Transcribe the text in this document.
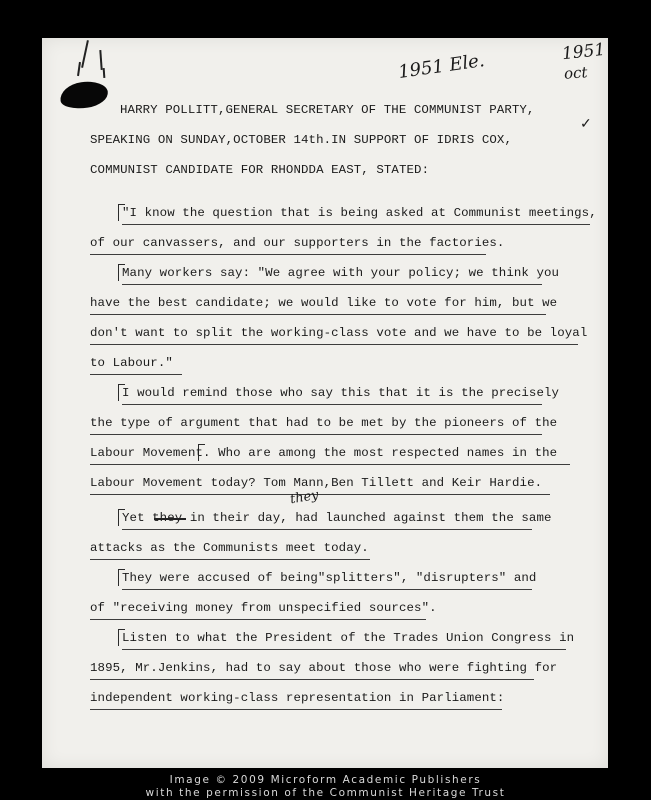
1951 Ele.	1951
oct
✓
HARRY POLLITT,GENERAL SECRETARY OF THE COMMUNIST PARTY,
SPEAKING ON SUNDAY,OCTOBER 14th.IN SUPPORT OF IDRIS COX,
COMMUNIST CANDIDATE FOR RHONDDA EAST, STATED:
"I know the question that is being asked at Communist meetings,
of our canvassers, and our supporters in the factories.
Many workers say: "We agree with your policy; we think you
have the best candidate; we would like to vote for him, but we
don't want to split the working-class vote and we have to be loyal
to Labour."
I would remind those who say this that it is the precisely
the type of argument that had to be met by the pioneers of the
Labour Movement. Who are among the most respected names in the
Labour Movement today? Tom Mann,Ben Tillett and Keir Hardie.
Yet they in their day, had launched against them the same
they
attacks as the Communists meet today.
They were accused of being"splitters", "disrupters" and
of "receiving money from unspecified sources".
Listen to what the President of the Trades Union Congress in
1895, Mr.Jenkins, had to say about those who were fighting for
independent working-class representation in Parliament:
Image © 2009 Microform Academic Publishers
with the permission of the Communist Heritage Trust
